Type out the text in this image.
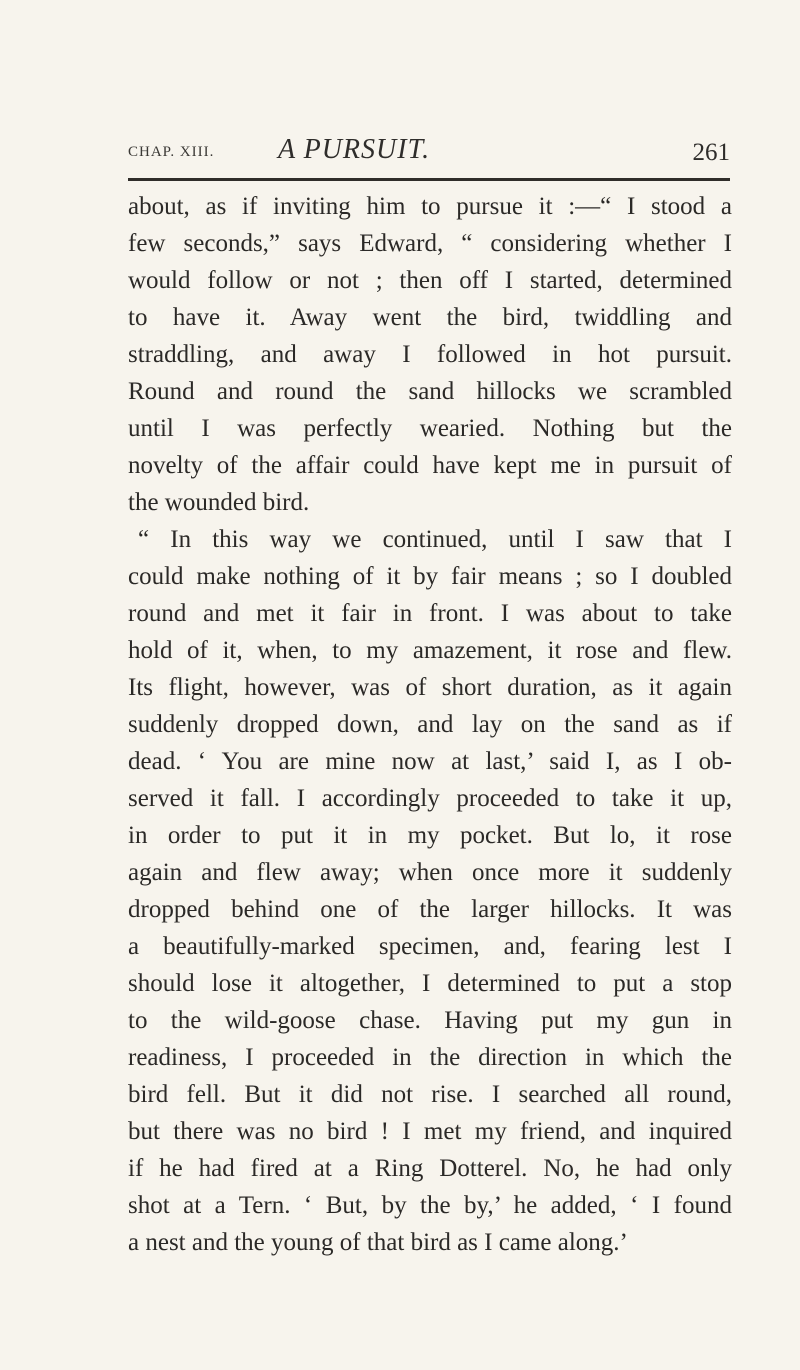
CHAP. XIII. A PURSUIT.	261
about, as if inviting him to pursue it :—“ I stood a
few seconds,” says Edward, “ considering whether I
would follow or not ; then off I started, determined
to have it. Away went the bird, twiddling and
straddling, and away I followed in hot pursuit.
Round and round the sand hillocks we scrambled
until I was perfectly wearied. Nothing but the
novelty of the affair could have kept me in pursuit of
the wounded bird.
“ In this way we continued, until I saw that I
could make nothing of it by fair means ; so I doubled
round and met it fair in front. I was about to take
hold of it, when, to my amazement, it rose and flew.
Its flight, however, was of short duration, as it again
suddenly dropped down, and lay on the sand as if
dead. ‘ You are mine now at last,’ said I, as I ob-
served it fall. I accordingly proceeded to take it up,
in order to put it in my pocket. But lo, it rose
again and flew away; when once more it suddenly
dropped behind one of the larger hillocks. It was
a beautifully-marked specimen, and, fearing lest I
should lose it altogether, I determined to put a stop
to the wild-goose chase. Having put my gun in
readiness, I proceeded in the direction in which the
bird fell. But it did not rise. I searched all round,
but there was no bird ! I met my friend, and inquired
if he had fired at a Ring Dotterel. No, he had only
shot at a Tern. ‘ But, by the by,’ he added, ‘ I found
a nest and the young of that bird as I came along.’
